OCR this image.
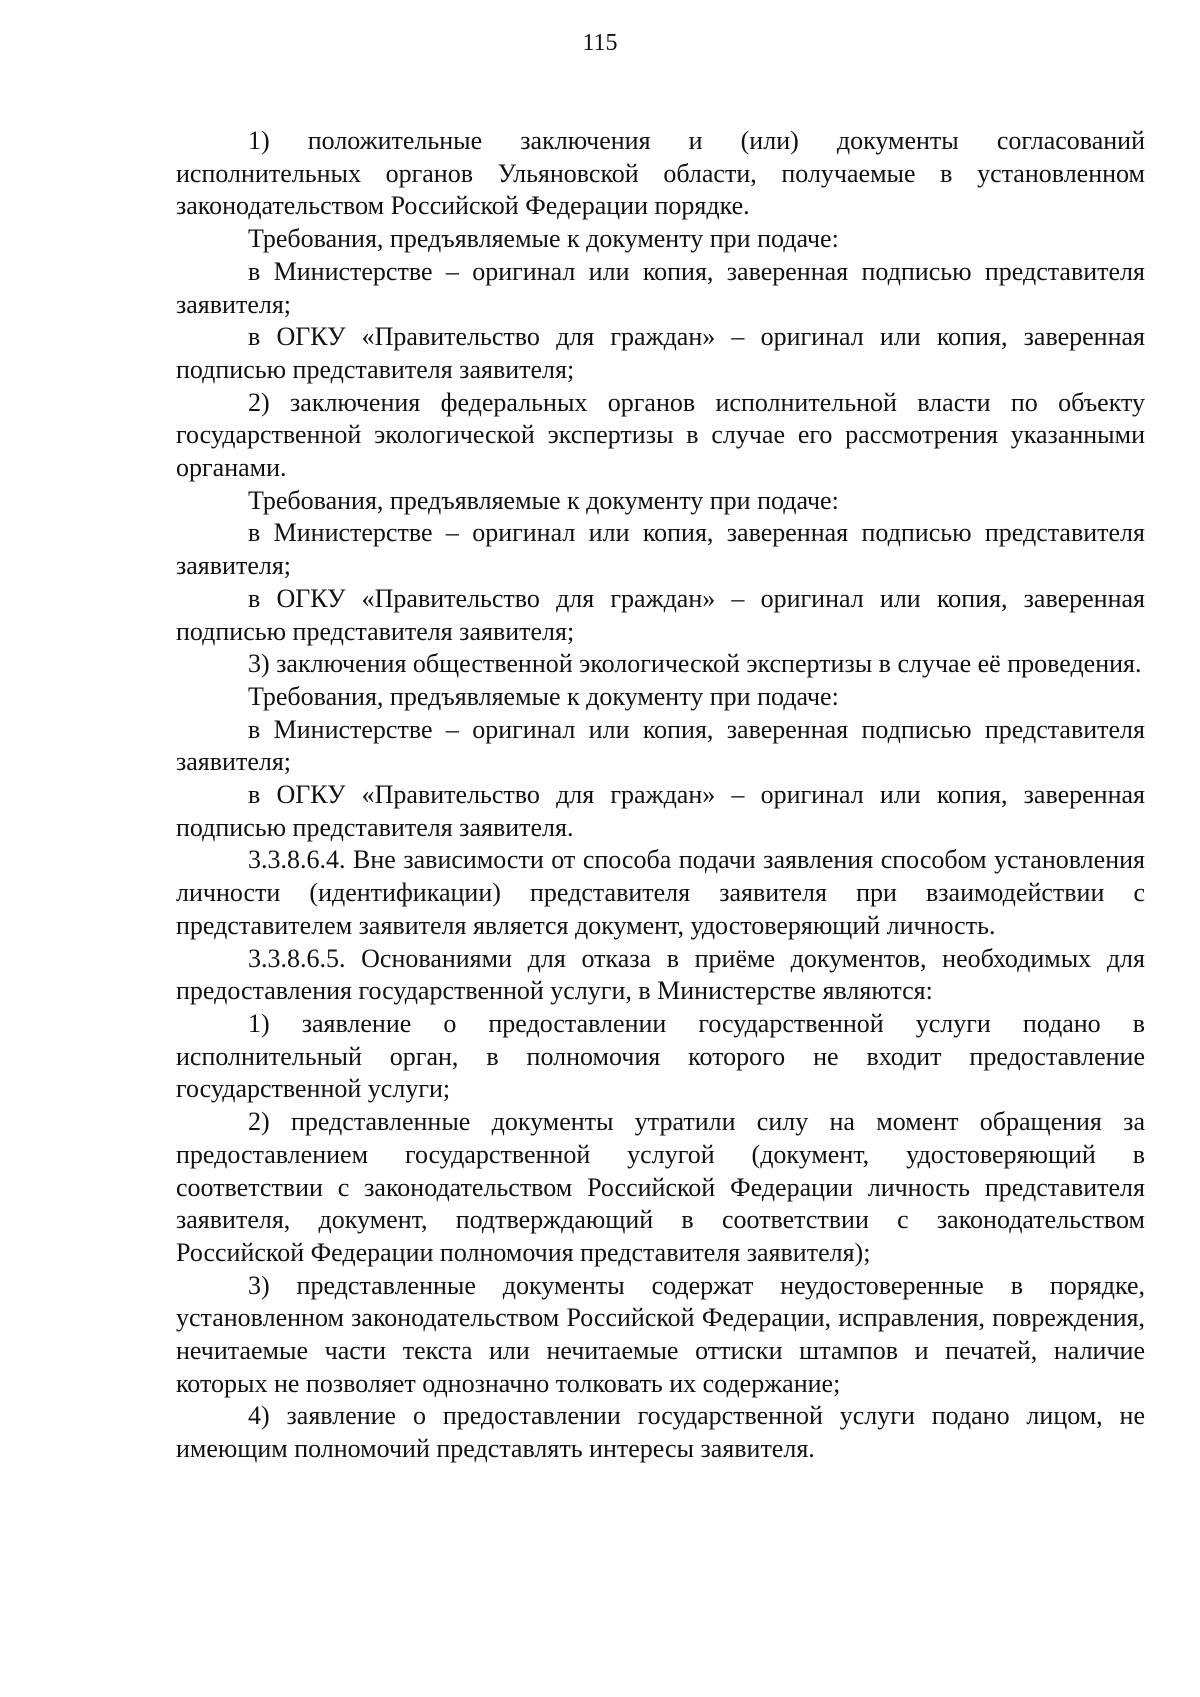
115

1) положительные заключения и (или) документы согласований исполнительных органов Ульяновской области, получаемые в установленном законодательством Российской Федерации порядке.

Требования, предъявляемые к документу при подаче:

в Министерстве – оригинал или копия, заверенная подписью представителя заявителя;

в ОГКУ «Правительство для граждан» – оригинал или копия, заверенная подписью представителя заявителя;

2) заключения федеральных органов исполнительной власти по объекту государственной экологической экспертизы в случае его рассмотрения указанными органами.

Требования, предъявляемые к документу при подаче:

в Министерстве – оригинал или копия, заверенная подписью представителя заявителя;

в ОГКУ «Правительство для граждан» – оригинал или копия, заверенная подписью представителя заявителя;

3) заключения общественной экологической экспертизы в случае её проведения.

Требования, предъявляемые к документу при подаче:

в Министерстве – оригинал или копия, заверенная подписью представителя заявителя;

в ОГКУ «Правительство для граждан» – оригинал или копия, заверенная подписью представителя заявителя.

3.3.8.6.4. Вне зависимости от способа подачи заявления способом установления личности (идентификации) представителя заявителя при взаимодействии с представителем заявителя является документ, удостоверяющий личность.

3.3.8.6.5. Основаниями для отказа в приёме документов, необходимых для предоставления государственной услуги, в Министерстве являются:

1) заявление о предоставлении государственной услуги подано в исполнительный орган, в полномочия которого не входит предоставление государственной услуги;

2) представленные документы утратили силу на момент обращения за предоставлением государственной услугой (документ, удостоверяющий в соответствии с законодательством Российской Федерации личность представителя заявителя, документ, подтверждающий в соответствии с законодательством Российской Федерации полномочия представителя заявителя);

3) представленные документы содержат неудостоверенные в порядке, установленном законодательством Российской Федерации, исправления, повреждения, нечитаемые части текста или нечитаемые оттиски штампов и печатей, наличие которых не позволяет однозначно толковать их содержание;

4) заявление о предоставлении государственной услуги подано лицом, не имеющим полномочий представлять интересы заявителя.
